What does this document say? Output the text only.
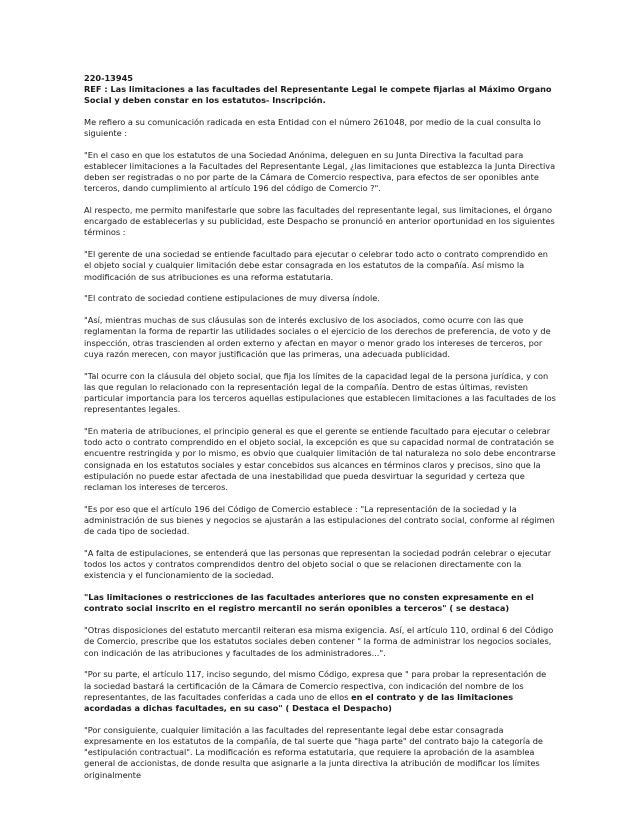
220-13945

REF : Las limitaciones a las facultades del Representante Legal le compete fijarlas al Máximo Organo Social y deben constar en los estatutos- Inscripción.

Me refiero a su comunicación radicada en esta Entidad con el número 261048, por medio de la cual consulta lo siguiente :

"En el caso en que los estatutos de una Sociedad Anónima, deleguen en su Junta Directiva la facultad para establecer limitaciones a la Facultades del Representante Legal, ¿las limitaciones que establezca la Junta Directiva deben ser registradas o no por parte de la Cámara de Comercio respectiva, para efectos de ser oponibles ante terceros, dando cumplimiento al artículo 196 del código de Comercio ?".

Al respecto, me permito manifestarle que sobre las facultades del representante legal, sus limitaciones, el órgano encargado de establecerlas y su publicidad, este Despacho se pronunció en anterior oportunidad en los siguientes términos :

"El gerente de una sociedad se entiende facultado para ejecutar o celebrar todo acto o contrato comprendido en el objeto social y cualquier limitación debe estar consagrada en los estatutos de la compañía. Así mismo la modificación de sus atribuciones es una reforma estatutaria.

"El contrato de sociedad contiene estipulaciones de muy diversa índole.

"Así, mientras muchas de sus cláusulas son de interés exclusivo de los asociados, como ocurre con las que reglamentan la forma de repartir las utilidades sociales o el ejercicio de los derechos de preferencia, de voto y de inspección, otras trascienden al orden externo y afectan en mayor o menor grado los intereses de terceros, por cuya razón merecen, con mayor justificación que las primeras, una adecuada publicidad.

"Tal ocurre con la cláusula del objeto social, que fija los límites de la capacidad legal de la persona jurídica, y con las que regulan lo relacionado con la representación legal de la compañía. Dentro de estas últimas, revisten particular importancia para los terceros aquellas estipulaciones que establecen limitaciones a las facultades de los representantes legales.

"En materia de atribuciones, el principio general es que el gerente se entiende facultado para ejecutar o celebrar todo acto o contrato comprendido en el objeto social, la excepción es que su capacidad normal de contratación se encuentre restringida y por lo mismo, es obvio que cualquier limitación de tal naturaleza no solo debe encontrarse consignada en los estatutos sociales y estar concebidos sus alcances en términos claros y precisos, sino que la estipulación no puede estar afectada de una inestabilidad que pueda desvirtuar la seguridad y certeza que reclaman los intereses de terceros.

"Es por eso que el artículo 196 del Código de Comercio establece : "La representación de la sociedad y la administración de sus bienes y negocios se ajustarán a las estipulaciones del contrato social, conforme al régimen de cada tipo de sociedad.

"A falta de estipulaciones, se entenderá que las personas que representan la sociedad podrán celebrar o ejecutar todos los actos y contratos comprendidos dentro del objeto social o que se relacionen directamente con la existencia y el funcionamiento de la sociedad.

"Las limitaciones o restricciones de las facultades anteriores que no consten expresamente en el contrato social inscrito en el registro mercantil no serán oponibles a terceros" ( se destaca)

"Otras disposiciones del estatuto mercantil reiteran esa misma exigencia. Así, el artículo 110, ordinal 6 del Código de Comercio, prescribe que los estatutos sociales deben contener " la forma de administrar los negocios sociales, con indicación de las atribuciones y facultades de los administradores...".

"Por su parte, el artículo 117, inciso segundo, del mismo Código, expresa que " para probar la representación de la sociedad bastará la certificación de la Cámara de Comercio respectiva, con indicación del nombre de los representantes, de las facultades conferidas a cada uno de ellos en el contrato y de las limitaciones acordadas a dichas facultades, en su caso" ( Destaca el Despacho)

"Por consiguiente, cualquier limitación a las facultades del representante legal debe estar consagrada expresamente en los estatutos de la compañía, de tal suerte que "haga parte" del contrato bajo la categoría de "estipulación contractual". La modificación es reforma estatutaria, que requiere la aprobación de la asamblea general de accionistas, de donde resulta que asignarle a la junta directiva la atribución de modificar los límites originalmente
